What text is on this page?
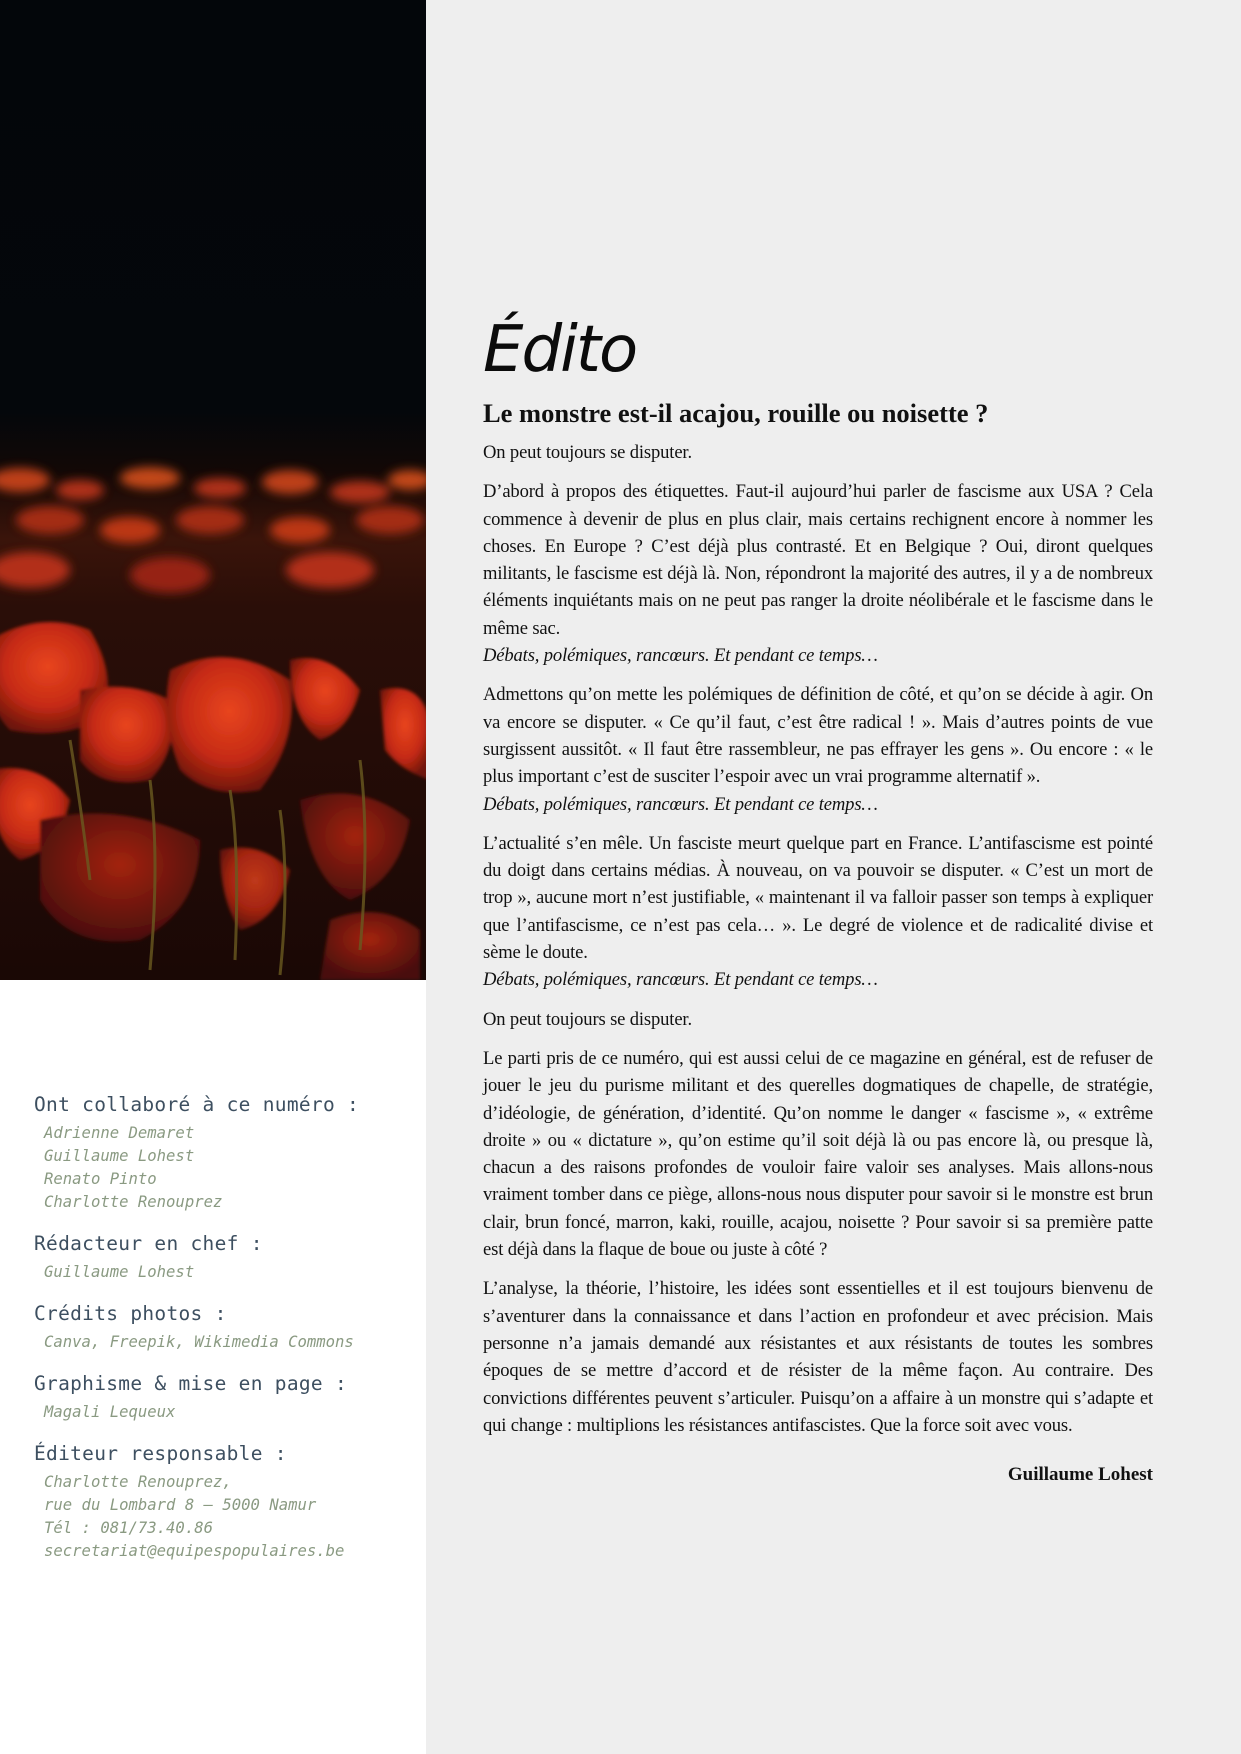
Ont collaboré à ce numéro :

Adrienne Demaret
Guillaume Lohest
Renato Pinto
Charlotte Renouprez

Rédacteur en chef :

Guillaume Lohest

Crédits photos :

Canva, Freepik, Wikimedia Commons

Graphisme & mise en page :

Magali Lequeux

Éditeur responsable :

Charlotte Renouprez,
rue du Lombard 8 – 5000 Namur
Tél : 081/73.40.86
secretariat@equipespopulaires.be
Édito
Le monstre est-il acajou, rouille ou noisette ?

On peut toujours se disputer.

D’abord à propos des étiquettes. Faut-il aujourd’hui parler de fascisme aux USA ? Cela commence à devenir de plus en plus clair, mais certains rechignent encore à nommer les choses. En Europe ? C’est déjà plus contrasté. Et en Belgique ? Oui, diront quelques militants, le fascisme est déjà là. Non, répondront la majorité des autres, il y a de nombreux éléments inquiétants mais on ne peut pas ranger la droite néolibérale et le fascisme dans le même sac.
Débats, polémiques, rancœurs. Et pendant ce temps…

Admettons qu’on mette les polémiques de définition de côté, et qu’on se décide à agir. On va encore se disputer. « Ce qu’il faut, c’est être radical ! ». Mais d’autres points de vue surgissent aussitôt. « Il faut être rassembleur, ne pas effrayer les gens ». Ou encore : « le plus important c’est de susciter l’espoir avec un vrai programme alternatif ».
Débats, polémiques, rancœurs. Et pendant ce temps…

L’actualité s’en mêle. Un fasciste meurt quelque part en France. L’antifascisme est pointé du doigt dans certains médias. À nouveau, on va pouvoir se disputer. « C’est un mort de trop », aucune mort n’est justifiable, « maintenant il va falloir passer son temps à expliquer que l’antifascisme, ce n’est pas cela… ». Le degré de violence et de radicalité divise et sème le doute.
Débats, polémiques, rancœurs. Et pendant ce temps…

On peut toujours se disputer.

Le parti pris de ce numéro, qui est aussi celui de ce magazine en général, est de refuser de jouer le jeu du purisme militant et des querelles dogmatiques de chapelle, de stratégie, d’idéologie, de génération, d’identité. Qu’on nomme le danger « fascisme », « extrême droite » ou « dictature », qu’on estime qu’il soit déjà là ou pas encore là, ou presque là, chacun a des raisons profondes de vouloir faire valoir ses analyses. Mais allons-nous vraiment tomber dans ce piège, allons-nous nous disputer pour savoir si le monstre est brun clair, brun foncé, marron, kaki, rouille, acajou, noisette ? Pour savoir si sa première patte est déjà dans la flaque de boue ou juste à côté ?

L’analyse, la théorie, l’histoire, les idées sont essentielles et il est toujours bienvenu de s’aventurer dans la connaissance et dans l’action en profondeur et avec précision. Mais personne n’a jamais demandé aux résistantes et aux résistants de toutes les sombres époques de se mettre d’accord et de résister de la même façon. Au contraire. Des convictions différentes peuvent s’articuler. Puisqu’on a affaire à un monstre qui s’adapte et qui change : multiplions les résistances antifascistes. Que la force soit avec vous.

Guillaume Lohest
